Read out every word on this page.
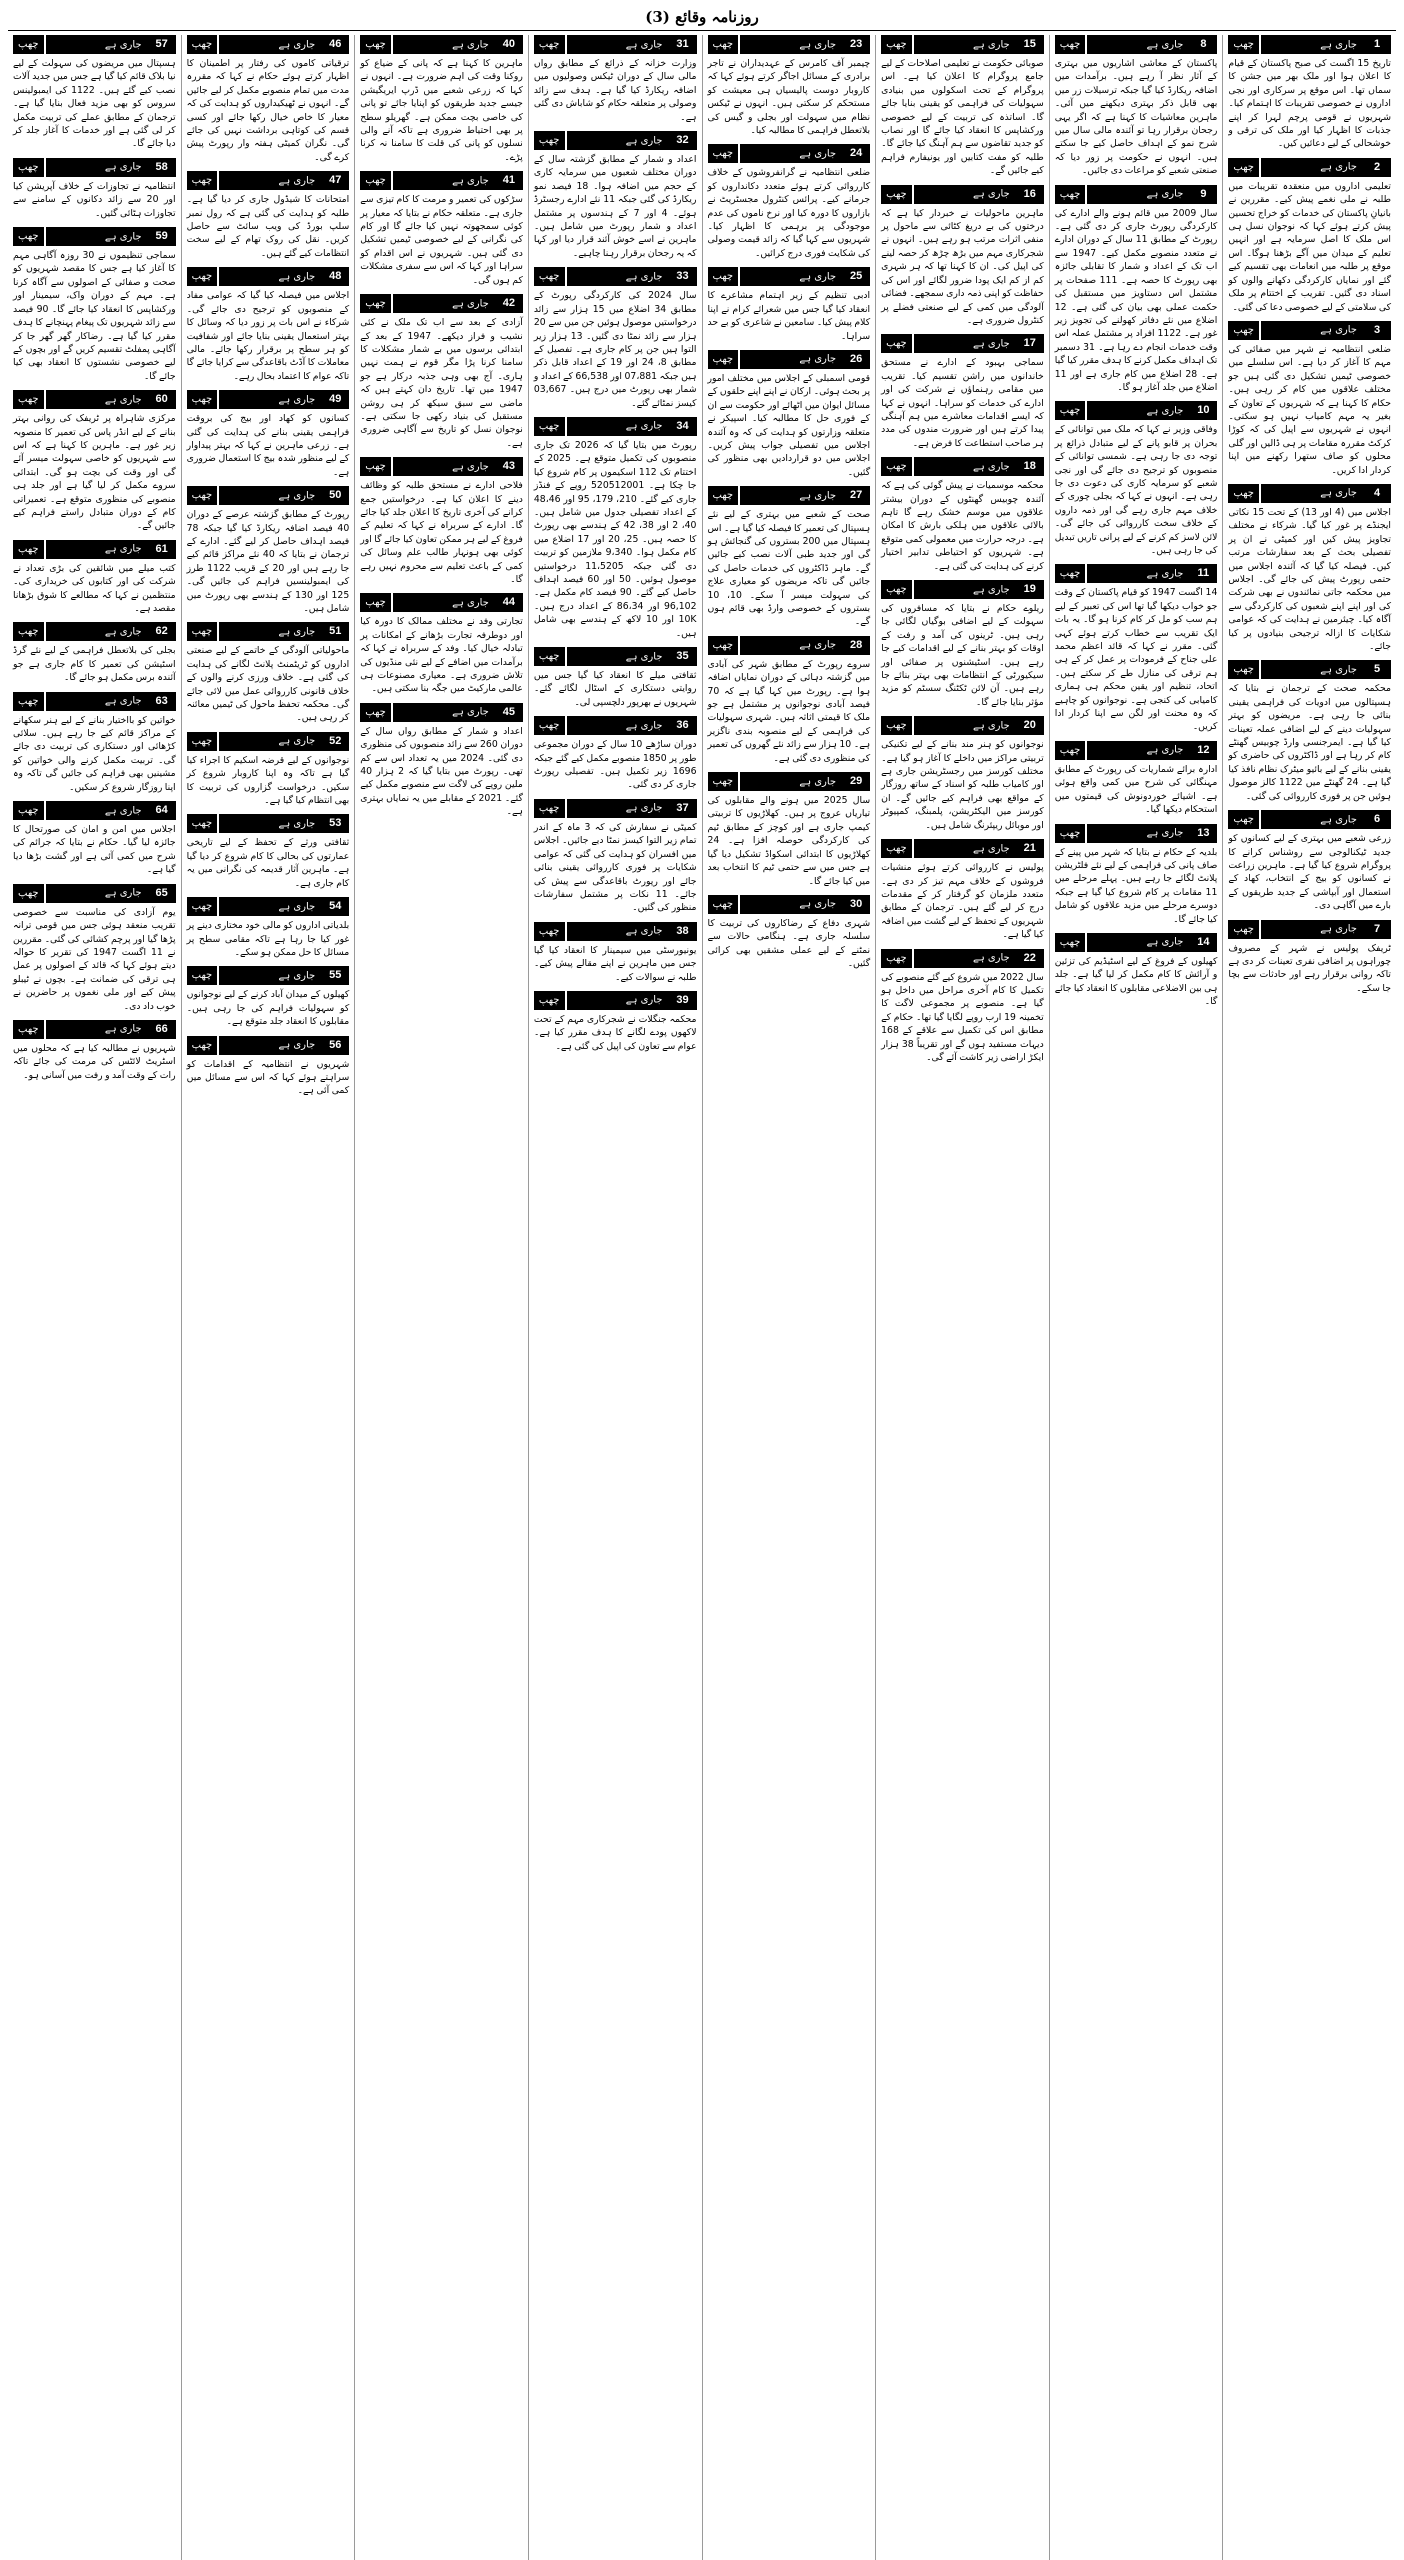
روزنامہ وقائع (3)
1
جاری ہے
چھپ

تاریخ 15 اگست کی صبح پاکستان کے قیام کا اعلان ہوا اور ملک بھر میں جشن کا سماں تھا۔ اس موقع پر سرکاری اور نجی اداروں نے خصوصی تقریبات کا اہتمام کیا۔ شہریوں نے قومی پرچم لہرا کر اپنے جذبات کا اظہار کیا اور ملک کی ترقی و خوشحالی کے لیے دعائیں کیں۔

2
جاری ہے
چھپ

تعلیمی اداروں میں منعقدہ تقریبات میں طلبہ نے ملی نغمے پیش کیے۔ مقررین نے بانیانِ پاکستان کی خدمات کو خراج تحسین پیش کرتے ہوئے کہا کہ نوجوان نسل ہی اس ملک کا اصل سرمایہ ہے اور انہیں تعلیم کے میدان میں آگے بڑھنا ہوگا۔ اس موقع پر طلبہ میں انعامات بھی تقسیم کیے گئے اور نمایاں کارکردگی دکھانے والوں کو اسناد دی گئیں۔ تقریب کے اختتام پر ملک کی سلامتی کے لیے خصوصی دعا کی گئی۔

3
جاری ہے
چھپ

ضلعی انتظامیہ نے شہر میں صفائی کی مہم کا آغاز کر دیا ہے۔ اس سلسلے میں خصوصی ٹیمیں تشکیل دی گئی ہیں جو مختلف علاقوں میں کام کر رہی ہیں۔ حکام کا کہنا ہے کہ شہریوں کے تعاون کے بغیر یہ مہم کامیاب نہیں ہو سکتی۔ انہوں نے شہریوں سے اپیل کی کہ کوڑا کرکٹ مقررہ مقامات پر ہی ڈالیں اور گلی محلوں کو صاف ستھرا رکھنے میں اپنا کردار ادا کریں۔

4
جاری ہے
چھپ

اجلاس میں (4 اور 13) کے تحت 15 نکاتی ایجنڈے پر غور کیا گیا۔ شرکاء نے مختلف تجاویز پیش کیں اور کمیٹی نے ان پر تفصیلی بحث کے بعد سفارشات مرتب کیں۔ فیصلہ کیا گیا کہ آئندہ اجلاس میں حتمی رپورٹ پیش کی جائے گی۔ اجلاس میں محکمہ جاتی نمائندوں نے بھی شرکت کی اور اپنے اپنے شعبوں کی کارکردگی سے آگاہ کیا۔ چیئرمین نے ہدایت کی کہ عوامی شکایات کا ازالہ ترجیحی بنیادوں پر کیا جائے۔

5
جاری ہے
چھپ

محکمہ صحت کے ترجمان نے بتایا کہ ہسپتالوں میں ادویات کی فراہمی یقینی بنائی جا رہی ہے۔ مریضوں کو بہتر سہولیات دینے کے لیے اضافی عملہ تعینات کیا گیا ہے۔ ایمرجنسی وارڈ چوبیس گھنٹے کام کر رہا ہے اور ڈاکٹروں کی حاضری کو یقینی بنانے کے لیے بائیو میٹرک نظام نافذ کیا گیا ہے۔ 24 گھنٹے میں 1122 کالز موصول ہوئیں جن پر فوری کارروائی کی گئی۔

6
جاری ہے
چھپ

زرعی شعبے میں بہتری کے لیے کسانوں کو جدید ٹیکنالوجی سے روشناس کرانے کا پروگرام شروع کیا گیا ہے۔ ماہرین زراعت نے کسانوں کو بیج کے انتخاب، کھاد کے استعمال اور آبپاشی کے جدید طریقوں کے بارے میں آگاہی دی۔

7
جاری ہے
چھپ

ٹریفک پولیس نے شہر کے مصروف چوراہوں پر اضافی نفری تعینات کر دی ہے تاکہ روانی برقرار رہے اور حادثات سے بچا جا سکے۔

8
جاری ہے
چھپ

پاکستان کے معاشی اشاریوں میں بہتری کے آثار نظر آ رہے ہیں۔ برآمدات میں اضافہ ریکارڈ کیا گیا جبکہ ترسیلات زر میں بھی قابل ذکر بہتری دیکھنے میں آئی۔ ماہرین معاشیات کا کہنا ہے کہ اگر یہی رجحان برقرار رہا تو آئندہ مالی سال میں شرح نمو کے اہداف حاصل کیے جا سکتے ہیں۔ انہوں نے حکومت پر زور دیا کہ صنعتی شعبے کو مراعات دی جائیں۔

9
جاری ہے
چھپ

سال 2009 میں قائم ہونے والے ادارے کی کارکردگی رپورٹ جاری کر دی گئی ہے۔ رپورٹ کے مطابق 11 سال کے دوران ادارے نے متعدد منصوبے مکمل کیے۔ 1947 سے اب تک کے اعداد و شمار کا تقابلی جائزہ بھی رپورٹ کا حصہ ہے۔ 111 صفحات پر مشتمل اس دستاویز میں مستقبل کی حکمت عملی بھی بیان کی گئی ہے۔ 12 اضلاع میں نئے دفاتر کھولنے کی تجویز زیر غور ہے۔ 1122 افراد پر مشتمل عملہ اس وقت خدمات انجام دے رہا ہے۔ 31 دسمبر تک اہداف مکمل کرنے کا ہدف مقرر کیا گیا ہے۔ 28 اضلاع میں کام جاری ہے اور 11 اضلاع میں جلد آغاز ہو گا۔

10
جاری ہے
چھپ

وفاقی وزیر نے کہا کہ ملک میں توانائی کے بحران پر قابو پانے کے لیے متبادل ذرائع پر توجہ دی جا رہی ہے۔ شمسی توانائی کے منصوبوں کو ترجیح دی جائے گی اور نجی شعبے کو سرمایہ کاری کی دعوت دی جا رہی ہے۔ انہوں نے کہا کہ بجلی چوری کے خلاف مہم جاری رہے گی اور ذمہ داروں کے خلاف سخت کارروائی کی جائے گی۔ لائن لاسز کم کرنے کے لیے پرانی تاریں تبدیل کی جا رہی ہیں۔

11
جاری ہے
چھپ

14 اگست 1947 کو قیام پاکستان کے وقت جو خواب دیکھا گیا تھا اس کی تعبیر کے لیے ہم سب کو مل کر کام کرنا ہو گا۔ یہ بات ایک تقریب سے خطاب کرتے ہوئے کہی گئی۔ مقرر نے کہا کہ قائد اعظم محمد علی جناح کے فرمودات پر عمل کر کے ہی ہم ترقی کی منازل طے کر سکتے ہیں۔ اتحاد، تنظیم اور یقین محکم ہی ہماری کامیابی کی کنجی ہے۔ نوجوانوں کو چاہیے کہ وہ محنت اور لگن سے اپنا کردار ادا کریں۔

12
جاری ہے
چھپ

ادارہ برائے شماریات کی رپورٹ کے مطابق مہنگائی کی شرح میں کمی واقع ہوئی ہے۔ اشیائے خوردونوش کی قیمتوں میں استحکام دیکھا گیا۔

13
جاری ہے
چھپ

بلدیہ کے حکام نے بتایا کہ شہر میں پینے کے صاف پانی کی فراہمی کے لیے نئے فلٹریشن پلانٹ لگائے جا رہے ہیں۔ پہلے مرحلے میں 11 مقامات پر کام شروع کیا گیا ہے جبکہ دوسرے مرحلے میں مزید علاقوں کو شامل کیا جائے گا۔

14
جاری ہے
چھپ

کھیلوں کے فروغ کے لیے اسٹیڈیم کی تزئین و آرائش کا کام مکمل کر لیا گیا ہے۔ جلد ہی بین الاضلاعی مقابلوں کا انعقاد کیا جائے گا۔

15
جاری ہے
چھپ

صوبائی حکومت نے تعلیمی اصلاحات کے لیے جامع پروگرام کا اعلان کیا ہے۔ اس پروگرام کے تحت اسکولوں میں بنیادی سہولیات کی فراہمی کو یقینی بنایا جائے گا۔ اساتذہ کی تربیت کے لیے خصوصی ورکشاپس کا انعقاد کیا جائے گا اور نصاب کو جدید تقاضوں سے ہم آہنگ کیا جائے گا۔ طلبہ کو مفت کتابیں اور یونیفارم فراہم کیے جائیں گے۔

16
جاری ہے
چھپ

ماہرین ماحولیات نے خبردار کیا ہے کہ درختوں کی بے دریغ کٹائی سے ماحول پر منفی اثرات مرتب ہو رہے ہیں۔ انہوں نے شجرکاری مہم میں بڑھ چڑھ کر حصہ لینے کی اپیل کی۔ ان کا کہنا تھا کہ ہر شہری کم از کم ایک پودا ضرور لگائے اور اس کی حفاظت کو اپنی ذمہ داری سمجھے۔ فضائی آلودگی میں کمی کے لیے صنعتی فضلے پر کنٹرول ضروری ہے۔

17
جاری ہے
چھپ

سماجی بہبود کے ادارے نے مستحق خاندانوں میں راشن تقسیم کیا۔ تقریب میں مقامی رہنماؤں نے شرکت کی اور ادارے کی خدمات کو سراہا۔ انہوں نے کہا کہ ایسے اقدامات معاشرے میں ہم آہنگی پیدا کرتے ہیں اور ضرورت مندوں کی مدد ہر صاحب استطاعت کا فرض ہے۔

18
جاری ہے
چھپ

محکمہ موسمیات نے پیش گوئی کی ہے کہ آئندہ چوبیس گھنٹوں کے دوران بیشتر علاقوں میں موسم خشک رہے گا تاہم بالائی علاقوں میں ہلکی بارش کا امکان ہے۔ درجہ حرارت میں معمولی کمی متوقع ہے۔ شہریوں کو احتیاطی تدابیر اختیار کرنے کی ہدایت کی گئی ہے۔

19
جاری ہے
چھپ

ریلوے حکام نے بتایا کہ مسافروں کی سہولت کے لیے اضافی بوگیاں لگائی جا رہی ہیں۔ ٹرینوں کی آمد و رفت کے اوقات کو بہتر بنانے کے لیے اقدامات کیے جا رہے ہیں۔ اسٹیشنوں پر صفائی اور سیکیورٹی کے انتظامات بھی بہتر بنائے جا رہے ہیں۔ آن لائن ٹکٹنگ سسٹم کو مزید مؤثر بنایا جائے گا۔

20
جاری ہے
چھپ

نوجوانوں کو ہنر مند بنانے کے لیے تکنیکی تربیتی مراکز میں داخلے کا آغاز ہو گیا ہے۔ مختلف کورسز میں رجسٹریشن جاری ہے اور کامیاب طلبہ کو اسناد کے ساتھ روزگار کے مواقع بھی فراہم کیے جائیں گے۔ ان کورسز میں الیکٹریشن، پلمبنگ، کمپیوٹر اور موبائل ریپئرنگ شامل ہیں۔

21
جاری ہے
چھپ

پولیس نے کارروائی کرتے ہوئے منشیات فروشوں کے خلاف مہم تیز کر دی ہے۔ متعدد ملزمان کو گرفتار کر کے مقدمات درج کر لیے گئے ہیں۔ ترجمان کے مطابق شہریوں کے تحفظ کے لیے گشت میں اضافہ کیا گیا ہے۔

22
جاری ہے
چھپ

سال 2022 میں شروع کیے گئے منصوبے کی تکمیل کا کام آخری مراحل میں داخل ہو گیا ہے۔ منصوبے پر مجموعی لاگت کا تخمینہ 19 ارب روپے لگایا گیا تھا۔ حکام کے مطابق اس کی تکمیل سے علاقے کے 168 دیہات مستفید ہوں گے اور تقریباً 38 ہزار ایکڑ اراضی زیر کاشت آئے گی۔

23
جاری ہے
چھپ

چیمبر آف کامرس کے عہدیداران نے تاجر برادری کے مسائل اجاگر کرتے ہوئے کہا کہ کاروبار دوست پالیسیاں ہی معیشت کو مستحکم کر سکتی ہیں۔ انہوں نے ٹیکس نظام میں سہولت اور بجلی و گیس کی بلاتعطل فراہمی کا مطالبہ کیا۔

24
جاری ہے
چھپ

ضلعی انتظامیہ نے گرانفروشوں کے خلاف کارروائی کرتے ہوئے متعدد دکانداروں کو جرمانے کیے۔ پرائس کنٹرول مجسٹریٹ نے بازاروں کا دورہ کیا اور نرخ ناموں کی عدم موجودگی پر برہمی کا اظہار کیا۔ شہریوں سے کہا گیا کہ زائد قیمت وصولی کی شکایت فوری درج کرائیں۔

25
جاری ہے
چھپ

ادبی تنظیم کے زیر اہتمام مشاعرے کا انعقاد کیا گیا جس میں شعرائے کرام نے اپنا کلام پیش کیا۔ سامعین نے شاعری کو بے حد سراہا۔

26
جاری ہے
چھپ

قومی اسمبلی کے اجلاس میں مختلف امور پر بحث ہوئی۔ ارکان نے اپنے اپنے حلقوں کے مسائل ایوان میں اٹھائے اور حکومت سے ان کے فوری حل کا مطالبہ کیا۔ اسپیکر نے متعلقہ وزارتوں کو ہدایت کی کہ وہ آئندہ اجلاس میں تفصیلی جواب پیش کریں۔ اجلاس میں دو قراردادیں بھی منظور کی گئیں۔

27
جاری ہے
چھپ

صحت کے شعبے میں بہتری کے لیے نئے ہسپتال کی تعمیر کا فیصلہ کیا گیا ہے۔ اس ہسپتال میں 200 بستروں کی گنجائش ہو گی اور جدید طبی آلات نصب کیے جائیں گے۔ ماہر ڈاکٹروں کی خدمات حاصل کی جائیں گی تاکہ مریضوں کو معیاری علاج کی سہولت میسر آ سکے۔ 10، 10 بستروں کے خصوصی وارڈ بھی قائم ہوں گے۔

28
جاری ہے
چھپ

سروے رپورٹ کے مطابق شہر کی آبادی میں گزشتہ دہائی کے دوران نمایاں اضافہ ہوا ہے۔ رپورٹ میں کہا گیا ہے کہ 70 فیصد آبادی نوجوانوں پر مشتمل ہے جو ملک کا قیمتی اثاثہ ہیں۔ شہری سہولیات کی فراہمی کے لیے منصوبہ بندی ناگزیر ہے۔ 10 ہزار سے زائد نئے گھروں کی تعمیر کی منظوری دی گئی ہے۔

29
جاری ہے
چھپ

سال 2025 میں ہونے والے مقابلوں کی تیاریاں عروج پر ہیں۔ کھلاڑیوں کا تربیتی کیمپ جاری ہے اور کوچز کے مطابق ٹیم کی کارکردگی حوصلہ افزا ہے۔ 24 کھلاڑیوں کا ابتدائی اسکواڈ تشکیل دیا گیا ہے جس میں سے حتمی ٹیم کا انتخاب بعد میں کیا جائے گا۔

30
جاری ہے
چھپ

شہری دفاع کے رضاکاروں کی تربیت کا سلسلہ جاری ہے۔ ہنگامی حالات سے نمٹنے کے لیے عملی مشقیں بھی کرائی گئیں۔

31
جاری ہے
چھپ

وزارت خزانہ کے ذرائع کے مطابق رواں مالی سال کے دوران ٹیکس وصولیوں میں اضافہ ریکارڈ کیا گیا ہے۔ ہدف سے زائد وصولی پر متعلقہ حکام کو شاباش دی گئی ہے۔

32
جاری ہے
چھپ

اعداد و شمار کے مطابق گزشتہ سال کے دوران مختلف شعبوں میں سرمایہ کاری کے حجم میں اضافہ ہوا۔ 18 فیصد نمو ریکارڈ کی گئی جبکہ 11 نئے ادارے رجسٹرڈ ہوئے۔ 4 اور 7 کے ہندسوں پر مشتمل اعداد و شمار رپورٹ میں شامل ہیں۔ ماہرین نے اسے خوش آئند قرار دیا اور کہا کہ یہ رجحان برقرار رہنا چاہیے۔

33
جاری ہے
چھپ

سال 2024 کی کارکردگی رپورٹ کے مطابق 34 اضلاع میں 15 ہزار سے زائد درخواستیں موصول ہوئیں جن میں سے 20 ہزار سے زائد نمٹا دی گئیں۔ 13 ہزار زیر التوا ہیں جن پر کام جاری ہے۔ تفصیل کے مطابق 8، 24 اور 19 کے اعداد قابل ذکر ہیں جبکہ 07،881 اور 66,538 کے اعداد و شمار بھی رپورٹ میں درج ہیں۔ 03,667 کیسز نمٹائے گئے۔

34
جاری ہے
چھپ

رپورٹ میں بتایا گیا کہ 2026 تک جاری منصوبوں کی تکمیل متوقع ہے۔ 2025 کے اختتام تک 112 اسکیموں پر کام شروع کیا جا چکا ہے۔ 520512001 روپے کے فنڈز جاری کیے گئے۔ 210، 179، 95 اور 48،46 کے اعداد تفصیلی جدول میں شامل ہیں۔ 40، 2 اور 38، 42 کے ہندسے بھی رپورٹ کا حصہ ہیں۔ 25، 20 اور 17 اضلاع میں کام مکمل ہوا۔ 9،340 ملازمین کو تربیت دی گئی جبکہ 11،5205 درخواستیں موصول ہوئیں۔ 50 اور 60 فیصد اہداف حاصل کیے گئے۔ 90 فیصد کام مکمل ہے۔ 96,102 اور 86،34 کے اعداد درج ہیں۔ 10K اور 10 لاکھ کے ہندسے بھی شامل ہیں۔

35
جاری ہے
چھپ

ثقافتی میلے کا انعقاد کیا گیا جس میں روایتی دستکاری کے اسٹال لگائے گئے۔ شہریوں نے بھرپور دلچسپی لی۔

36
جاری ہے
چھپ

دوران ساڑھے 10 سال کے دوران مجموعی طور پر 1850 منصوبے مکمل کیے گئے جبکہ 1696 زیر تکمیل ہیں۔ تفصیلی رپورٹ جاری کر دی گئی۔

37
جاری ہے
چھپ

کمیٹی نے سفارش کی کہ 3 ماہ کے اندر تمام زیر التوا کیسز نمٹا دیے جائیں۔ اجلاس میں افسران کو ہدایت کی گئی کہ عوامی شکایات پر فوری کارروائی یقینی بنائی جائے اور رپورٹ باقاعدگی سے پیش کی جائے۔ 11 نکات پر مشتمل سفارشات منظور کی گئیں۔

38
جاری ہے
چھپ

یونیورسٹی میں سیمینار کا انعقاد کیا گیا جس میں ماہرین نے اپنے مقالے پیش کیے۔ طلبہ نے سوالات کیے۔

39
جاری ہے
چھپ

محکمہ جنگلات نے شجرکاری مہم کے تحت لاکھوں پودے لگانے کا ہدف مقرر کیا ہے۔ عوام سے تعاون کی اپیل کی گئی ہے۔

40
جاری ہے
چھپ

ماہرین کا کہنا ہے کہ پانی کے ضیاع کو روکنا وقت کی اہم ضرورت ہے۔ انہوں نے کہا کہ زرعی شعبے میں ڈرپ ایریگیشن جیسے جدید طریقوں کو اپنایا جائے تو پانی کی خاصی بچت ممکن ہے۔ گھریلو سطح پر بھی احتیاط ضروری ہے تاکہ آنے والی نسلوں کو پانی کی قلت کا سامنا نہ کرنا پڑے۔

41
جاری ہے
چھپ

سڑکوں کی تعمیر و مرمت کا کام تیزی سے جاری ہے۔ متعلقہ حکام نے بتایا کہ معیار پر کوئی سمجھوتہ نہیں کیا جائے گا اور کام کی نگرانی کے لیے خصوصی ٹیمیں تشکیل دی گئی ہیں۔ شہریوں نے اس اقدام کو سراہا اور کہا کہ اس سے سفری مشکلات کم ہوں گی۔

42
جاری ہے
چھپ

آزادی کے بعد سے اب تک ملک نے کئی نشیب و فراز دیکھے۔ 1947 کے بعد کے ابتدائی برسوں میں بے شمار مشکلات کا سامنا کرنا پڑا مگر قوم نے ہمت نہیں ہاری۔ آج بھی وہی جذبہ درکار ہے جو 1947 میں تھا۔ تاریخ دان کہتے ہیں کہ ماضی سے سبق سیکھ کر ہی روشن مستقبل کی بنیاد رکھی جا سکتی ہے۔ نوجوان نسل کو تاریخ سے آگاہی ضروری ہے۔

43
جاری ہے
چھپ

فلاحی ادارے نے مستحق طلبہ کو وظائف دینے کا اعلان کیا ہے۔ درخواستیں جمع کرانے کی آخری تاریخ کا اعلان جلد کیا جائے گا۔ ادارے کے سربراہ نے کہا کہ تعلیم کے فروغ کے لیے ہر ممکن تعاون کیا جائے گا اور کوئی بھی ہونہار طالب علم وسائل کی کمی کے باعث تعلیم سے محروم نہیں رہے گا۔

44
جاری ہے
چھپ

تجارتی وفد نے مختلف ممالک کا دورہ کیا اور دوطرفہ تجارت بڑھانے کے امکانات پر تبادلہ خیال کیا۔ وفد کے سربراہ نے کہا کہ برآمدات میں اضافے کے لیے نئی منڈیوں کی تلاش ضروری ہے۔ معیاری مصنوعات ہی عالمی مارکیٹ میں جگہ بنا سکتی ہیں۔

45
جاری ہے
چھپ

اعداد و شمار کے مطابق رواں سال کے دوران 260 سے زائد منصوبوں کی منظوری دی گئی۔ 2024 میں یہ تعداد اس سے کم تھی۔ رپورٹ میں بتایا گیا کہ 2 ہزار 40 ملین روپے کی لاگت سے منصوبے مکمل کیے گئے۔ 2021 کے مقابلے میں یہ نمایاں بہتری ہے۔

46
جاری ہے
چھپ

ترقیاتی کاموں کی رفتار پر اطمینان کا اظہار کرتے ہوئے حکام نے کہا کہ مقررہ مدت میں تمام منصوبے مکمل کر لیے جائیں گے۔ انہوں نے ٹھیکیداروں کو ہدایت کی کہ معیار کا خاص خیال رکھا جائے اور کسی قسم کی کوتاہی برداشت نہیں کی جائے گی۔ نگران کمیٹی ہفتہ وار رپورٹ پیش کرے گی۔

47
جاری ہے
چھپ

امتحانات کا شیڈول جاری کر دیا گیا ہے۔ طلبہ کو ہدایت کی گئی ہے کہ رول نمبر سلپ بورڈ کی ویب سائٹ سے حاصل کریں۔ نقل کی روک تھام کے لیے سخت انتظامات کیے گئے ہیں۔

48
جاری ہے
چھپ

اجلاس میں فیصلہ کیا گیا کہ عوامی مفاد کے منصوبوں کو ترجیح دی جائے گی۔ شرکاء نے اس بات پر زور دیا کہ وسائل کا بہتر استعمال یقینی بنایا جائے اور شفافیت کو ہر سطح پر برقرار رکھا جائے۔ مالی معاملات کا آڈٹ باقاعدگی سے کرایا جائے گا تاکہ عوام کا اعتماد بحال رہے۔

49
جاری ہے
چھپ

کسانوں کو کھاد اور بیج کی بروقت فراہمی یقینی بنانے کی ہدایت کی گئی ہے۔ زرعی ماہرین نے کہا کہ بہتر پیداوار کے لیے منظور شدہ بیج کا استعمال ضروری ہے۔

50
جاری ہے
چھپ

رپورٹ کے مطابق گزشتہ عرصے کے دوران 40 فیصد اضافہ ریکارڈ کیا گیا جبکہ 78 فیصد اہداف حاصل کر لیے گئے۔ ادارے کے ترجمان نے بتایا کہ 40 نئے مراکز قائم کیے جا رہے ہیں اور 20 کے قریب 1122 طرز کی ایمبولینسیں فراہم کی جائیں گی۔ 125 اور 130 کے ہندسے بھی رپورٹ میں شامل ہیں۔

51
جاری ہے
چھپ

ماحولیاتی آلودگی کے خاتمے کے لیے صنعتی اداروں کو ٹریٹمنٹ پلانٹ لگانے کی ہدایت کی گئی ہے۔ خلاف ورزی کرنے والوں کے خلاف قانونی کارروائی عمل میں لائی جائے گی۔ محکمہ تحفظ ماحول کی ٹیمیں معائنہ کر رہی ہیں۔

52
جاری ہے
چھپ

نوجوانوں کے لیے قرضہ اسکیم کا اجراء کیا گیا ہے تاکہ وہ اپنا کاروبار شروع کر سکیں۔ درخواست گزاروں کی تربیت کا بھی انتظام کیا گیا ہے۔

53
جاری ہے
چھپ

ثقافتی ورثے کے تحفظ کے لیے تاریخی عمارتوں کی بحالی کا کام شروع کر دیا گیا ہے۔ ماہرین آثار قدیمہ کی نگرانی میں یہ کام جاری ہے۔

54
جاری ہے
چھپ

بلدیاتی اداروں کو مالی خود مختاری دینے پر غور کیا جا رہا ہے تاکہ مقامی سطح پر مسائل کا حل ممکن ہو سکے۔

55
جاری ہے
چھپ

کھیلوں کے میدان آباد کرنے کے لیے نوجوانوں کو سہولیات فراہم کی جا رہی ہیں۔ مقابلوں کا انعقاد جلد متوقع ہے۔

56
جاری ہے
چھپ

شہریوں نے انتظامیہ کے اقدامات کو سراہتے ہوئے کہا کہ اس سے مسائل میں کمی آئی ہے۔

57
جاری ہے
چھپ

ہسپتال میں مریضوں کی سہولت کے لیے نیا بلاک قائم کیا گیا ہے جس میں جدید آلات نصب کیے گئے ہیں۔ 1122 کی ایمبولینس سروس کو بھی مزید فعال بنایا گیا ہے۔ ترجمان کے مطابق عملے کی تربیت مکمل کر لی گئی ہے اور خدمات کا آغاز جلد کر دیا جائے گا۔

58
جاری ہے
چھپ

انتظامیہ نے تجاوزات کے خلاف آپریشن کیا اور 20 سے زائد دکانوں کے سامنے سے تجاوزات ہٹائی گئیں۔

59
جاری ہے
چھپ

سماجی تنظیموں نے 30 روزہ آگاہی مہم کا آغاز کیا ہے جس کا مقصد شہریوں کو صحت و صفائی کے اصولوں سے آگاہ کرنا ہے۔ مہم کے دوران واک، سیمینار اور ورکشاپس کا انعقاد کیا جائے گا۔ 90 فیصد سے زائد شہریوں تک پیغام پہنچانے کا ہدف مقرر کیا گیا ہے۔ رضاکار گھر گھر جا کر آگاہی پمفلٹ تقسیم کریں گے اور بچوں کے لیے خصوصی نشستوں کا انعقاد بھی کیا جائے گا۔

60
جاری ہے
چھپ

مرکزی شاہراہ پر ٹریفک کی روانی بہتر بنانے کے لیے انڈر پاس کی تعمیر کا منصوبہ زیر غور ہے۔ ماہرین کا کہنا ہے کہ اس سے شہریوں کو خاصی سہولت میسر آئے گی اور وقت کی بچت ہو گی۔ ابتدائی سروے مکمل کر لیا گیا ہے اور جلد ہی منصوبے کی منظوری متوقع ہے۔ تعمیراتی کام کے دوران متبادل راستے فراہم کیے جائیں گے۔

61
جاری ہے
چھپ

کتب میلے میں شائقین کی بڑی تعداد نے شرکت کی اور کتابوں کی خریداری کی۔ منتظمین نے کہا کہ مطالعے کا شوق بڑھانا مقصد ہے۔

62
جاری ہے
چھپ

بجلی کی بلاتعطل فراہمی کے لیے نئے گرڈ اسٹیشن کی تعمیر کا کام جاری ہے جو آئندہ برس مکمل ہو جائے گا۔

63
جاری ہے
چھپ

خواتین کو بااختیار بنانے کے لیے ہنر سکھانے کے مراکز قائم کیے جا رہے ہیں۔ سلائی کڑھائی اور دستکاری کی تربیت دی جائے گی۔ تربیت مکمل کرنے والی خواتین کو مشینیں بھی فراہم کی جائیں گی تاکہ وہ اپنا روزگار شروع کر سکیں۔

64
جاری ہے
چھپ

اجلاس میں امن و امان کی صورتحال کا جائزہ لیا گیا۔ حکام نے بتایا کہ جرائم کی شرح میں کمی آئی ہے اور گشت بڑھا دیا گیا ہے۔

65
جاری ہے
چھپ

یوم آزادی کی مناسبت سے خصوصی تقریب منعقد ہوئی جس میں قومی ترانہ پڑھا گیا اور پرچم کشائی کی گئی۔ مقررین نے 11 اگست 1947 کی تقریر کا حوالہ دیتے ہوئے کہا کہ قائد کے اصولوں پر عمل ہی ترقی کی ضمانت ہے۔ بچوں نے ٹیبلو پیش کیے اور ملی نغموں پر حاضرین نے خوب داد دی۔

66
جاری ہے
چھپ

شہریوں نے مطالبہ کیا ہے کہ محلوں میں اسٹریٹ لائٹس کی مرمت کی جائے تاکہ رات کے وقت آمد و رفت میں آسانی ہو۔
